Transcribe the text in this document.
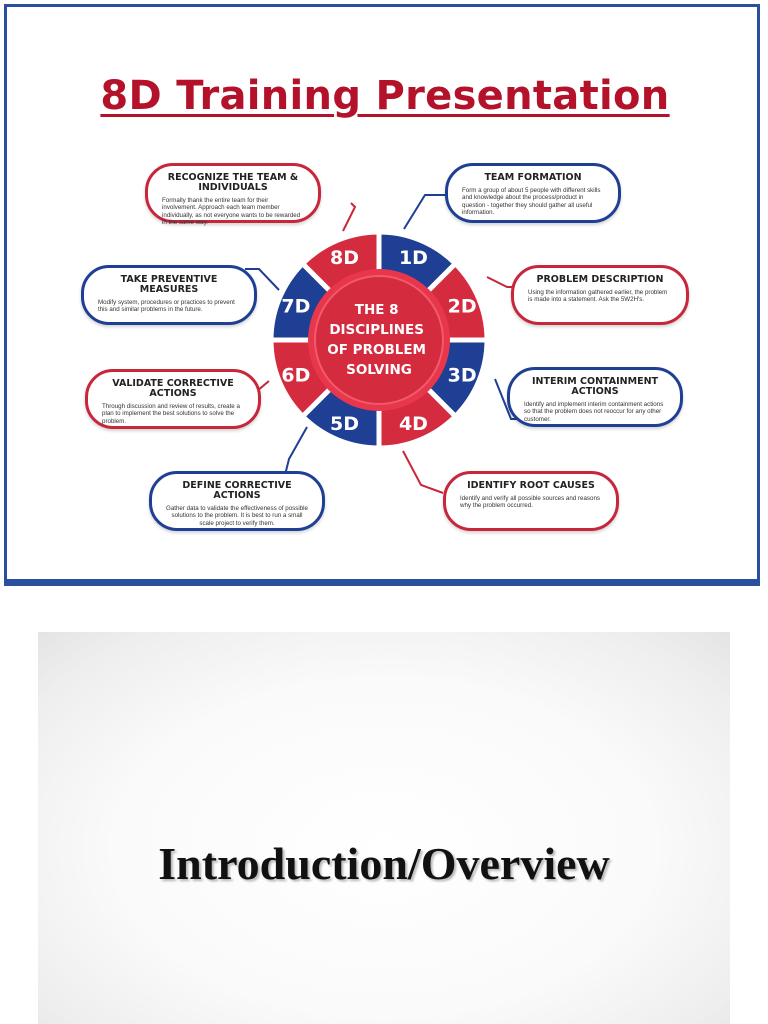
8D Training Presentation
1D
2D
3D
4D
5D
6D
7D
8D
THE 8 DISCIPLINES OF PROBLEM SOLVING
TEAM FORMATION

Form a group of about 5 people with different skills and knowledge about the process/product in question - together they should gather all useful information.

PROBLEM DESCRIPTION

Using the information gathered earlier, the problem is made into a statement. Ask the 5W2H's.

INTERIM CONTAINMENT ACTIONS

Identify and implement interim containment actions so that the problem does not reoccur for any other customer.

IDENTIFY ROOT CAUSES

Identify and verify all possible sources and reasons why the problem occurred.

RECOGNIZE THE TEAM & INDIVIDUALS

Formally thank the entire team for their involvement. Approach each team member individually, as not everyone wants to be rewarded in the same way.

TAKE PREVENTIVE MEASURES

Modify system, procedures or practices to prevent this and similar problems in the future.

VALIDATE CORRECTIVE ACTIONS

Through discussion and review of results, create a plan to implement the best solutions to solve the problem.

DEFINE CORRECTIVE ACTIONS

Gather data to validate the effectiveness of possible solutions to the problem. It is best to run a small scale project to verify them.

Introduction/Overview
